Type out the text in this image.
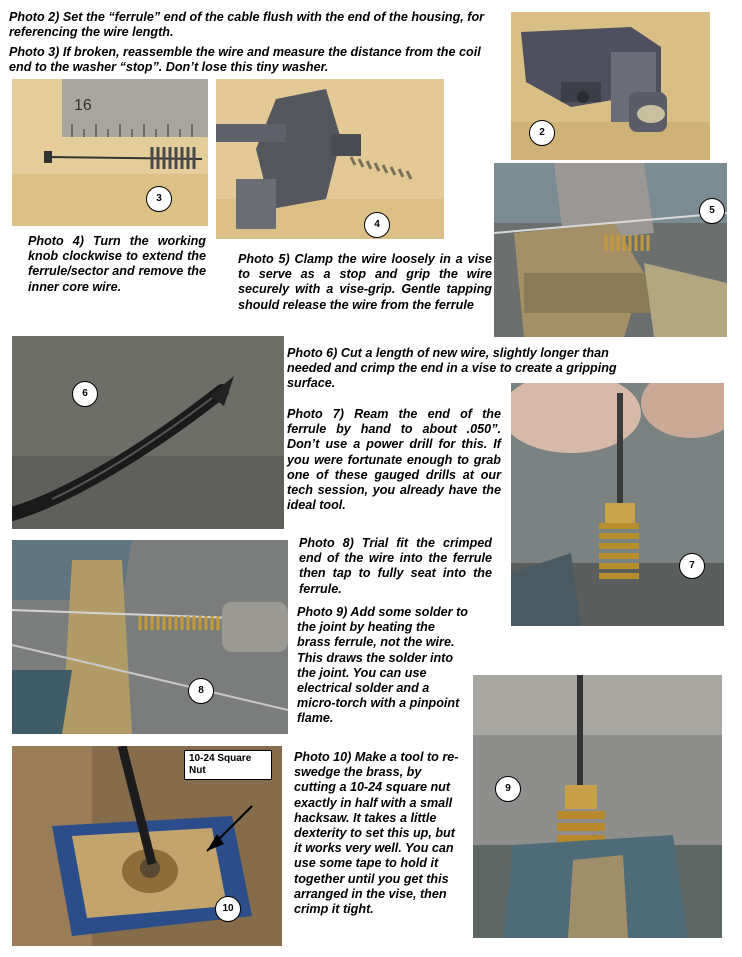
Photo 2) Set the “ferrule” end of the cable flush with the end of the housing, for referencing the wire length.
Photo 3) If broken, reassemble the wire and measure the distance from the coil end to the washer “stop”. Don’t lose this tiny washer.
Photo 4) Turn the working knob clockwise to extend the ferrule/sector and remove the inner core wire.
Photo 5) Clamp the wire loosely in a vise to serve as a stop and grip the wire securely with a vise-grip. Gentle tapping should release the wire from the ferrule
Photo 6) Cut a length of new wire, slightly longer than needed and crimp the end in a vise to create a gripping surface.
Photo 7) Ream the end of the ferrule by hand to about .050”. Don’t use a power drill for this. If you were fortunate enough to grab one of these gauged drills at our tech session, you already have the ideal tool.
Photo 8) Trial fit the crimped end of the wire into the ferrule then tap to fully seat into the ferrule.
Photo 9) Add some solder to the joint by heating the brass ferrule, not the wire. This draws the solder into the joint. You can use electrical solder and a micro-torch with a pinpoint flame.
Photo 10) Make a tool to re-swedge the brass, by cutting a 10-24 square nut exactly in half with a small hacksaw. It takes a little dexterity to set this up, but it works very well. You can use some tape to hold it together until you get this arranged in the vise, then crimp it tight.
2
16
3
4
5
6
7
8
9
10-24 Square Nut
10
